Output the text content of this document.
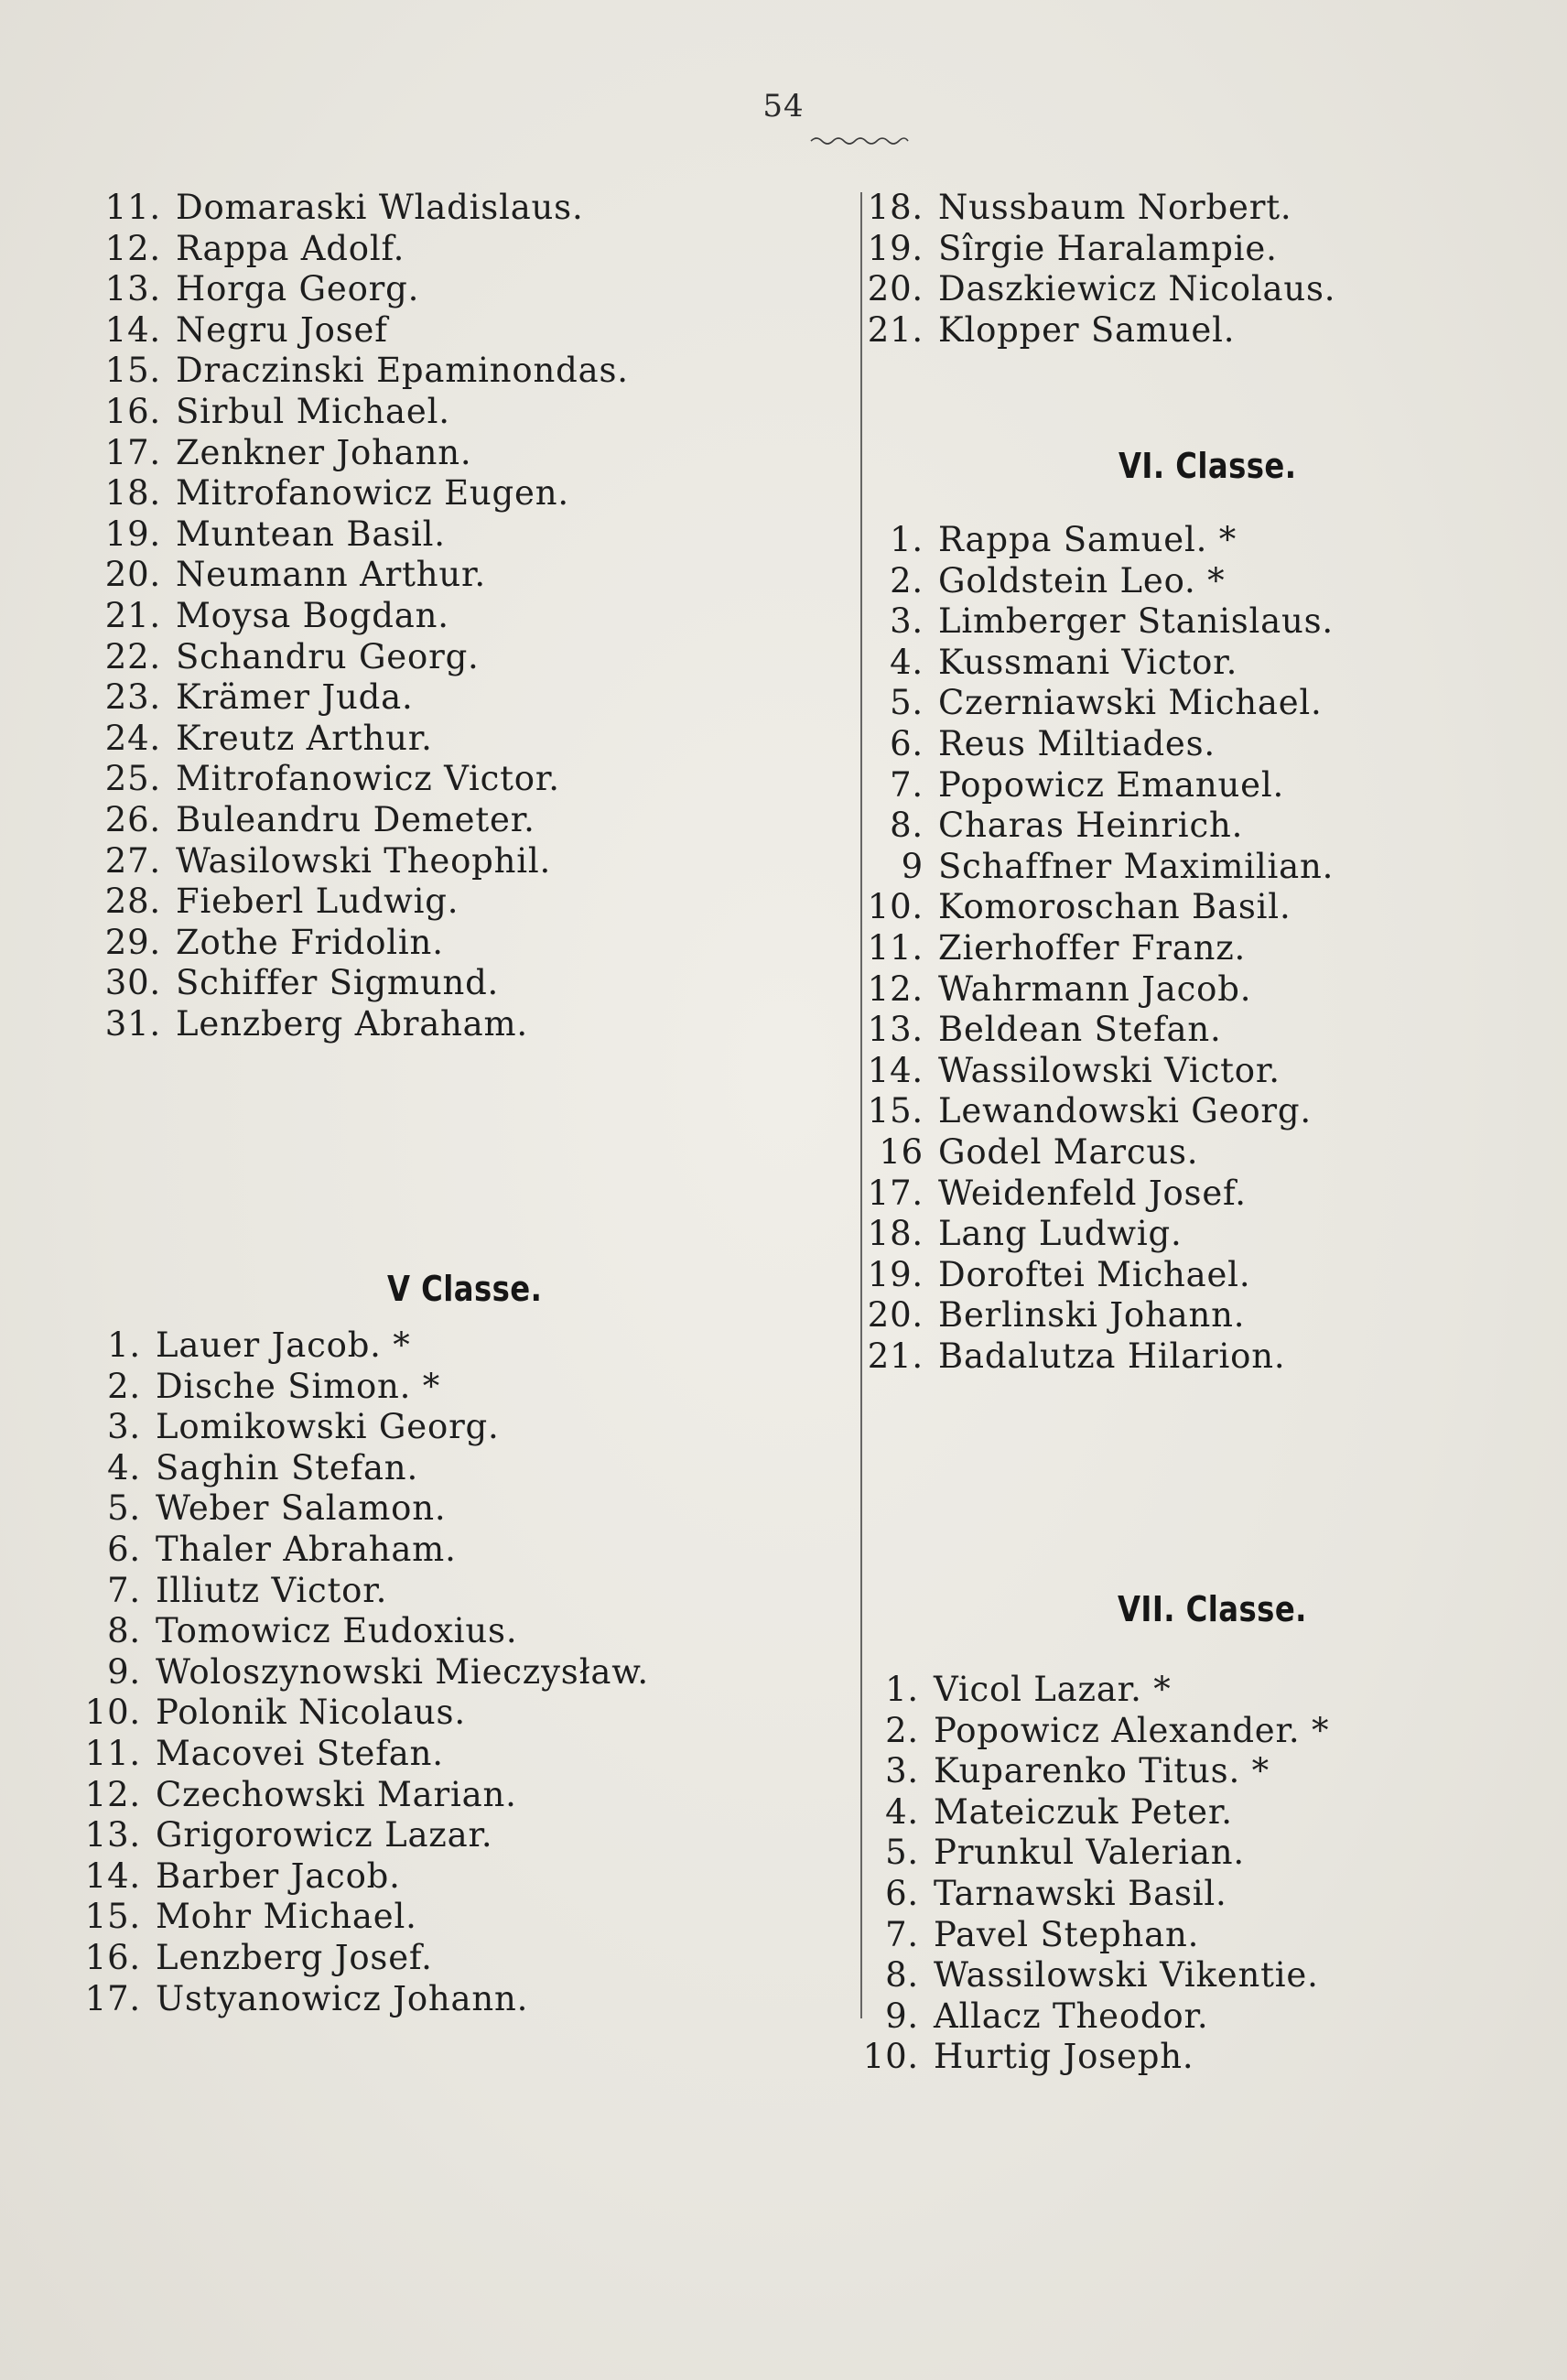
54
11. Domaraski Wladislaus.
12. Rappa Adolf.
13. Horga Georg.
14. Negru Josef
15. Draczinski Epaminondas.
16. Sirbul Michael.
17. Zenkner Johann.
18. Mitrofanowicz Eugen.
19. Muntean Basil.
20. Neumann Arthur.
21. Moysa Bogdan.
22. Schandru Georg.
23. Krämer Juda.
24. Kreutz Arthur.
25. Mitrofanowicz Victor.
26. Buleandru Demeter.
27. Wasilowski Theophil.
28. Fieberl Ludwig.
29. Zothe Fridolin.
30. Schiffer Sigmund.
31. Lenzberg Abraham.
V Classe.
1. Lauer Jacob. *
2. Dische Simon. *
3. Lomikowski Georg.
4. Saghin Stefan.
5. Weber Salamon.
6. Thaler Abraham.
7. Illiutz Victor.
8. Tomowicz Eudoxius.
9. Woloszynowski Mieczysław.
10. Polonik Nicolaus.
11. Macovei Stefan.
12. Czechowski Marian.
13. Grigorowicz Lazar.
14. Barber Jacob.
15. Mohr Michael.
16. Lenzberg Josef.
17. Ustyanowicz Johann.
18. Nussbaum Norbert.
19. Sîrgie Haralampie.
20. Daszkiewicz Nicolaus.
21. Klopper Samuel.
VI. Classe.
1. Rappa Samuel. *
2. Goldstein Leo. *
3. Limberger Stanislaus.
4. Kussmani Victor.
5. Czerniawski Michael.
6. Reus Miltiades.
7. Popowicz Emanuel.
8. Charas Heinrich.
9 Schaffner Maximilian.
10. Komoroschan Basil.
11. Zierhoffer Franz.
12. Wahrmann Jacob.
13. Beldean Stefan.
14. Wassilowski Victor.
15. Lewandowski Georg.
16 Godel Marcus.
17. Weidenfeld Josef.
18. Lang Ludwig.
19. Doroftei Michael.
20. Berlinski Johann.
21. Badalutza Hilarion.
VII. Classe.
1. Vicol Lazar. *
2. Popowicz Alexander. *
3. Kuparenko Titus. *
4. Mateiczuk Peter.
5. Prunkul Valerian.
6. Tarnawski Basil.
7. Pavel Stephan.
8. Wassilowski Vikentie.
9. Allacz Theodor.
10. Hurtig Joseph.
